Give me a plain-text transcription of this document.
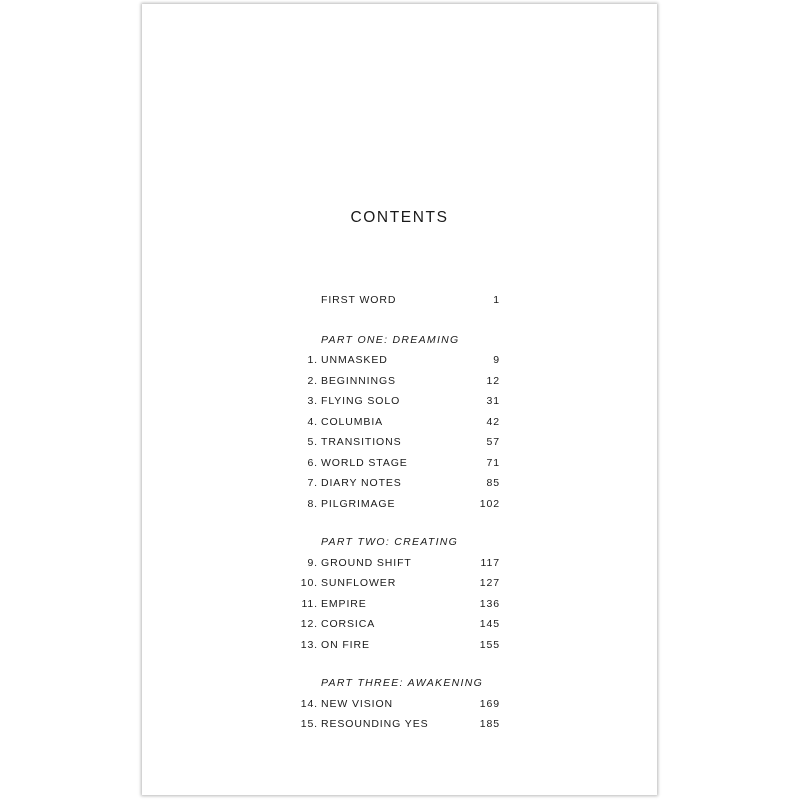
CONTENTS
FIRST WORD	1
PART ONE: DREAMING
1. UNMASKED	9
2. BEGINNINGS	12
3. FLYING SOLO	31
4. COLUMBIA	42
5. TRANSITIONS	57
6. WORLD STAGE	71
7. DIARY NOTES	85
8. PILGRIMAGE	102
PART TWO: CREATING
9. GROUND SHIFT	117
10. SUNFLOWER	127
11. EMPIRE	136
12. CORSICA	145
13. ON FIRE	155
PART THREE: AWAKENING
14. NEW VISION	169
15. RESOUNDING YES	185
